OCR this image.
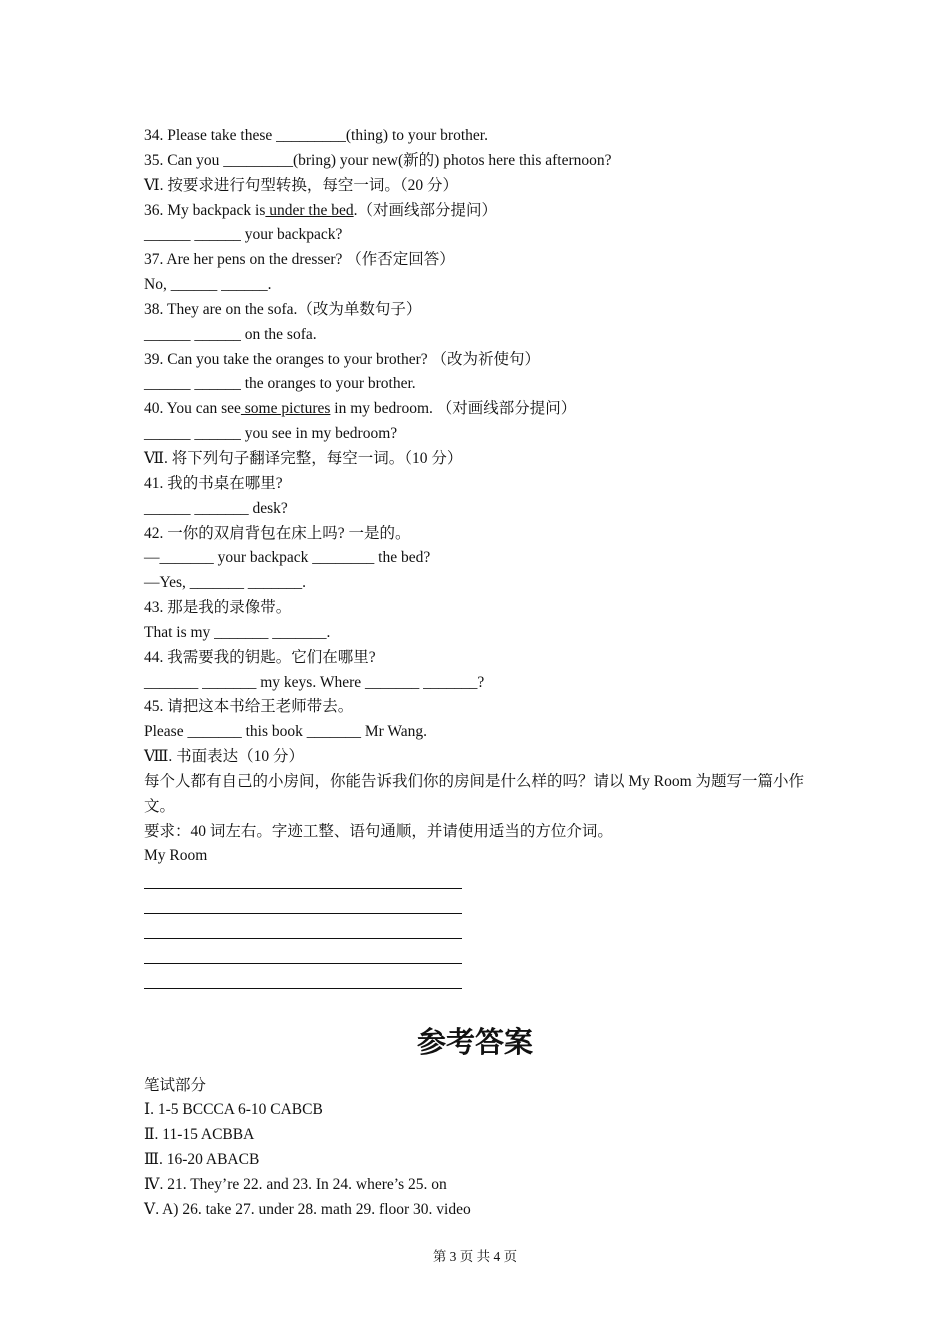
34. Please take these _________(thing) to your brother.
35. Can you _________(bring) your new(新的) photos here this afternoon?
Ⅵ. 按要求进行句型转换，每空一词。（20 分）
36. My backpack is under the bed.（对画线部分提问）
______ ______ your backpack?
37. Are her pens on the dresser? （作否定回答）
No, ______ ______.
38. They are on the sofa.（改为单数句子）
______ ______ on the sofa.
39. Can you take the oranges to your brother? （改为祈使句）
______ ______ the oranges to your brother.
40. You can see some pictures in my bedroom. （对画线部分提问）
______ ______ you see in my bedroom?
Ⅶ. 将下列句子翻译完整，每空一词。（10 分）
41. 我的书桌在哪里?
______ _______ desk?
42. 一你的双肩背包在床上吗? 一是的。
—_______ your backpack ________ the bed?
—Yes, _______ _______.
43. 那是我的录像带。
That is my _______ _______.
44. 我需要我的钥匙。它们在哪里?
_______ _______ my keys. Where _______ _______?
45. 请把这本书给王老师带去。
Please _______ this book _______ Mr Wang.
Ⅷ. 书面表达（10 分）
每个人都有自己的小房间，你能告诉我们你的房间是什么样的吗？请以 My Room 为题写一篇小作文。
要求：40 词左右。字迹工整、语句通顺，并请使用适当的方位介词。
My Room
参考答案
笔试部分
Ⅰ. 1-5 BCCCA 6-10 CABCB
Ⅱ. 11-15 ACBBA
Ⅲ. 16-20 ABACB
Ⅳ. 21. They’re 22. and 23. In 24. where’s 25. on
Ⅴ. A) 26. take 27. under 28. math 29. floor 30. video
第 3 页 共 4 页
